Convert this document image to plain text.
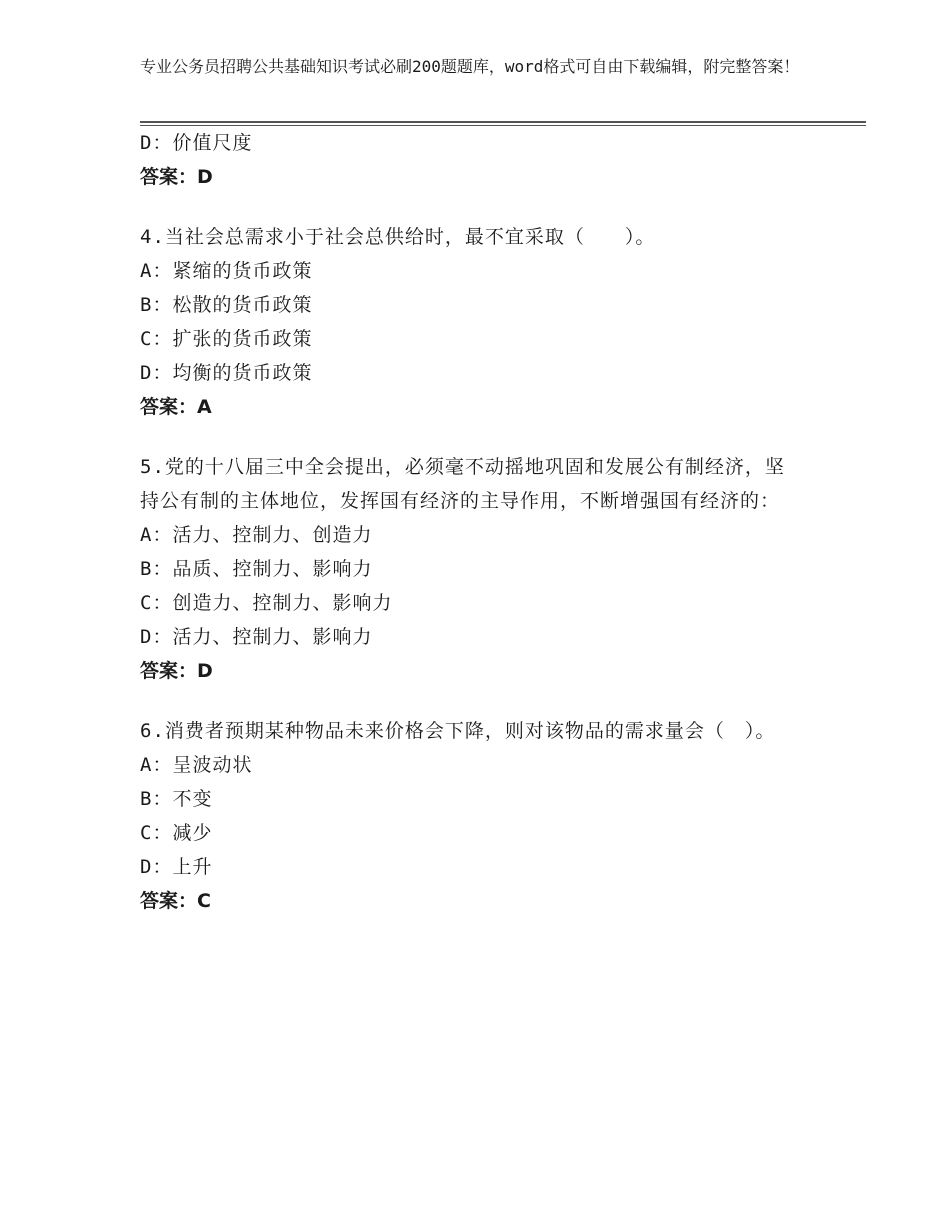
专业公务员招聘公共基础知识考试必刷200题题库，word格式可自由下载编辑，附完整答案！
D：价值尺度
答案：D
4.当社会总需求小于社会总供给时，最不宜采取（　　）。
A：紧缩的货币政策
B：松散的货币政策
C：扩张的货币政策
D：均衡的货币政策
答案：A
5.党的十八届三中全会提出，必须毫不动摇地巩固和发展公有制经济，坚持公有制的主体地位，发挥国有经济的主导作用，不断增强国有经济的：
A：活力、控制力、创造力
B：品质、控制力、影响力
C：创造力、控制力、影响力
D：活力、控制力、影响力
答案：D
6.消费者预期某种物品未来价格会下降，则对该物品的需求量会（　）。
A：呈波动状
B：不变
C：减少
D：上升
答案：C
